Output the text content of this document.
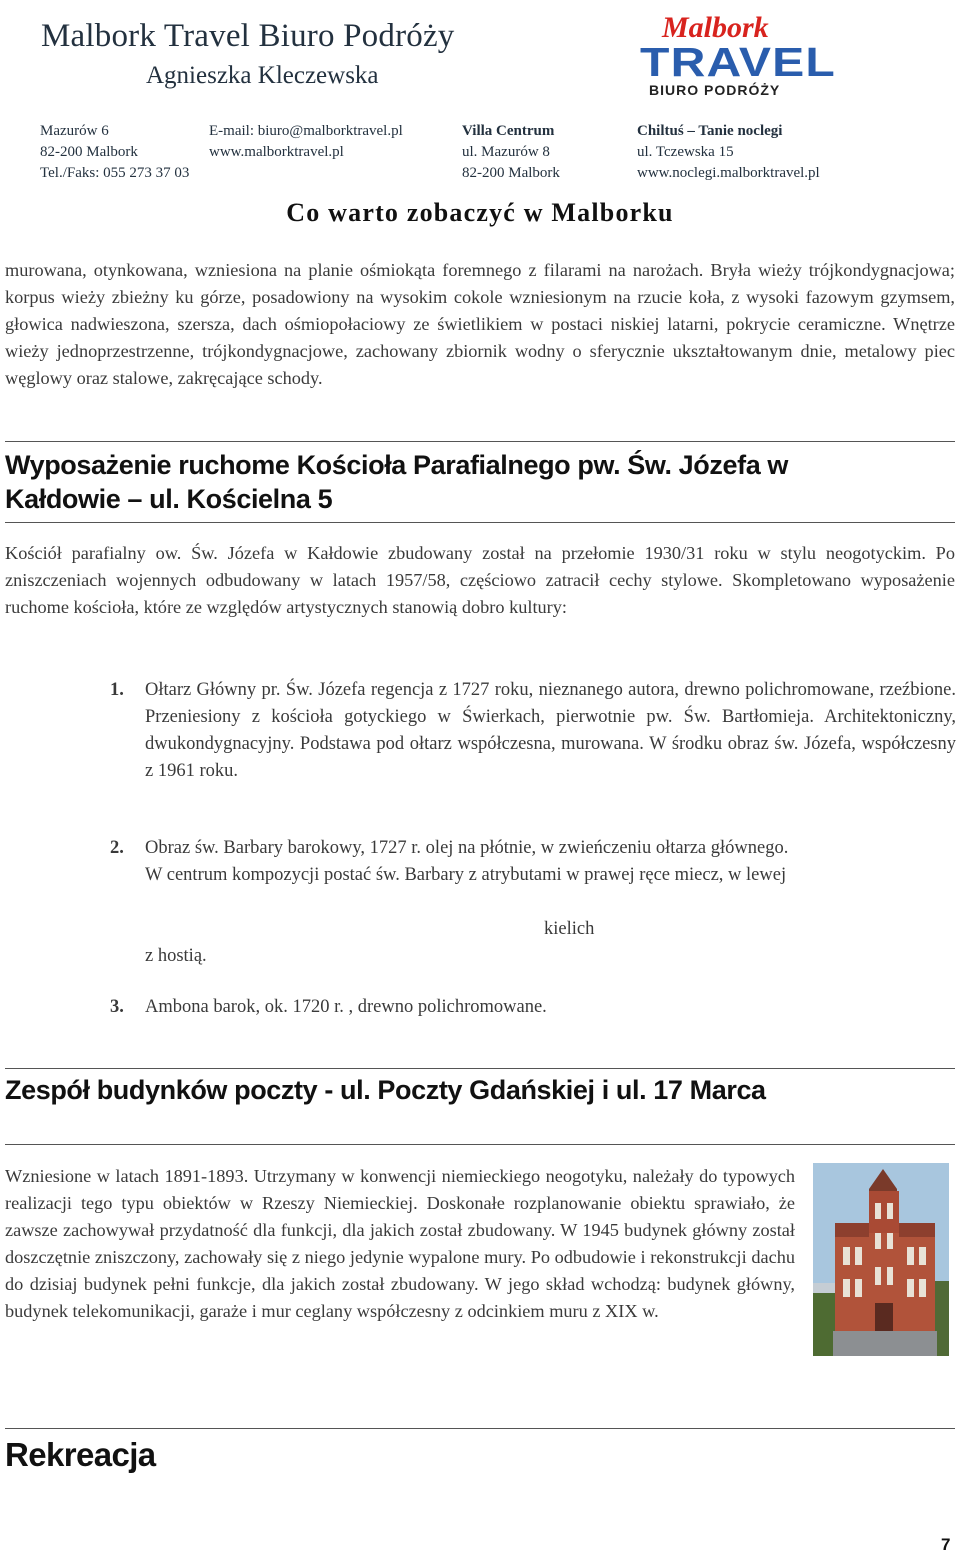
Malbork Travel Biuro Podróży
Agnieszka Kleczewska
Malbork
TRAVEL
BIURO PODRÓŻY
Mazurów 6
82-200 Malbork
Tel./Faks: 055 273 37 03
E-mail: biuro@malborktravel.pl
www.malborktravel.pl
Villa Centrum
ul. Mazurów 8
82-200 Malbork
Chiltuś – Tanie noclegi
ul. Tczewska 15
www.noclegi.malborktravel.pl
Co warto zobaczyć w Malborku

murowana, otynkowana, wzniesiona na planie ośmiokąta foremnego z filarami na narożach. Bryła wieży trójkondygnacjowa; korpus wieży zbieżny ku górze, posadowiony na wysokim cokole wzniesionym na rzucie koła, z wysoki fazowym gzymsem, głowica nadwieszona, szersza, dach ośmiopołaciowy ze świetlikiem w postaci niskiej latarni, pokrycie ceramiczne. Wnętrze wieży jednoprzestrzenne, trójkondygnacjowe, zachowany zbiornik wodny o sferycznie ukształtowanym dnie, metalowy piec węglowy oraz stalowe, zakręcające schody.

Wyposażenie ruchome Kościoła Parafialnego pw. Św. Józefa w
Kałdowie – ul. Kościelna 5

Kościół parafialny ow. Św. Józefa w Kałdowie zbudowany został na przełomie 1930/31 roku w stylu neogotyckim. Po zniszczeniach wojennych odbudowany w latach 1957/58, częściowo zatracił cechy stylowe. Skompletowano wyposażenie ruchome kościoła, które ze względów artystycznych stanowią dobro kultury:

1. Ołtarz Główny pr. Św. Józefa regencja z 1727 roku, nieznanego autora, drewno polichromowane, rzeźbione. Przeniesiony z kościoła gotyckiego w Świerkach, pierwotnie pw. Św. Bartłomieja. Architektoniczny, dwukondygnacyjny. Podstawa pod ołtarz współczesna, murowana. W środku obraz św. Józefa, współczesny z 1961 roku.
2. Obraz św. Barbary barokowy, 1727 r. olej na płótnie, w zwieńczeniu ołtarza głównego.
W centrum kompozycji postać św. Barbary z atrybutami w prawej ręce miecz, w lewej
kielich
z hostią.
3. Ambona barok, ok. 1720 r. , drewno polichromowane.
Zespół budynków poczty - ul. Poczty Gdańskiej i ul. 17 Marca

Wzniesione w latach 1891-1893. Utrzymany w konwencji niemieckiego neogotyku, należały do typowych realizacji tego typu obiektów w Rzeszy Niemieckiej. Doskonałe rozplanowanie obiektu sprawiało, że zawsze zachowywał przydatność dla funkcji, dla jakich został zbudowany. W 1945 budynek główny został doszczętnie zniszczony, zachowały się z niego jedynie wypalone mury. Po odbudowie i rekonstrukcji dachu do dzisiaj budynek pełni funkcje, dla jakich został zbudowany. W jego skład wchodzą: budynek główny, budynek telekomunikacji, garaże i mur ceglany współczesny z odcinkiem muru z XIX w.

Rekreacja
7
